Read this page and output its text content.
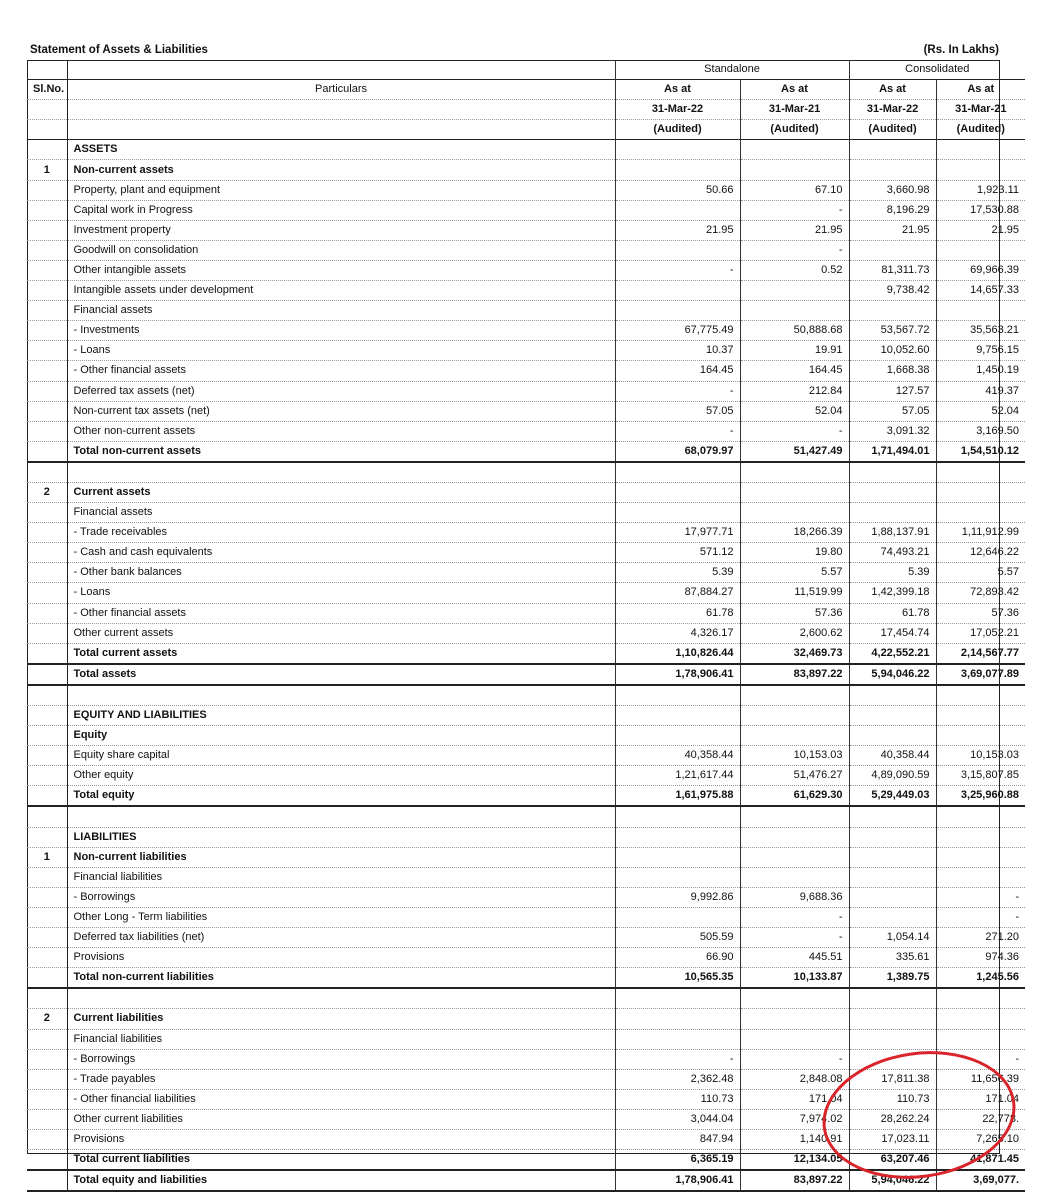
Statement of Assets & Liabilities	(Rs. In Lakhs)
		Standalone		Consolidated	
Sl.No.	Particulars	As at	As at	As at	As at
		31-Mar-22	31-Mar-21	31-Mar-22	31-Mar-21
		(Audited)	(Audited)	(Audited)	(Audited)
	ASSETS				
1	Non-current assets				
	Property, plant and equipment	50.66	67.10	3,660.98	1,923.11
	Capital work in Progress		-	8,196.29	17,530.88
	Investment property	21.95	21.95	21.95	21.95
	Goodwill on consolidation		-		
	Other intangible assets	-	0.52	81,311.73	69,966.39
	Intangible assets under development			9,738.42	14,657.33
	Financial assets				
	- Investments	67,775.49	50,888.68	53,567.72	35,563.21
	- Loans	10.37	19.91	10,052.60	9,756.15
	- Other financial assets	164.45	164.45	1,668.38	1,450.19
	Deferred tax assets (net)	-	212.84	127.57	419.37
	Non-current tax assets (net)	57.05	52.04	57.05	52.04
	Other non-current assets	-	-	3,091.32	3,169.50
	Total non-current assets	68,079.97	51,427.49	1,71,494.01	1,54,510.12

2	Current assets				
	Financial assets				
	- Trade receivables	17,977.71	18,266.39	1,88,137.91	1,11,912.99
	- Cash and cash equivalents	571.12	19.80	74,493.21	12,646.22
	- Other bank balances	5.39	5.57	5.39	5.57
	- Loans	87,884.27	11,519.99	1,42,399.18	72,893.42
	- Other financial assets	61.78	57.36	61.78	57.36
	Other current assets	4,326.17	2,600.62	17,454.74	17,052.21
	Total current assets	1,10,826.44	32,469.73	4,22,552.21	2,14,567.77
	Total assets	1,78,906.41	83,897.22	5,94,046.22	3,69,077.89

	EQUITY AND LIABILITIES				
	Equity				
	Equity share capital	40,358.44	10,153.03	40,358.44	10,153.03
	Other equity	1,21,617.44	51,476.27	4,89,090.59	3,15,807.85
	Total equity	1,61,975.88	61,629.30	5,29,449.03	3,25,960.88

	LIABILITIES				
1	Non-current liabilities				
	Financial liabilities				
	- Borrowings	9,992.86	9,688.36		-
	Other Long - Term liabilities		-		-
	Deferred tax liabilities (net)	505.59	-	1,054.14	271.20
	Provisions	66.90	445.51	335.61	974.36
	Total non-current liabilities	10,565.35	10,133.87	1,389.75	1,245.56

2	Current liabilities				
	Financial liabilities				
	- Borrowings	-	-		-
	- Trade payables	2,362.48	2,848.08	17,811.38	11,656.39
	- Other financial liabilities	110.73	171.04	110.73	171.04
	Other current liabilities	3,044.04	7,974.02	28,262.24	22,778.
	Provisions	847.94	1,140.91	17,023.11	7,265.10
	Total current liabilities	6,365.19	12,134.05	63,207.46	41,871.45
	Total equity and liabilities	1,78,906.41	83,897.22	5,94,046.22	3,69,077.
